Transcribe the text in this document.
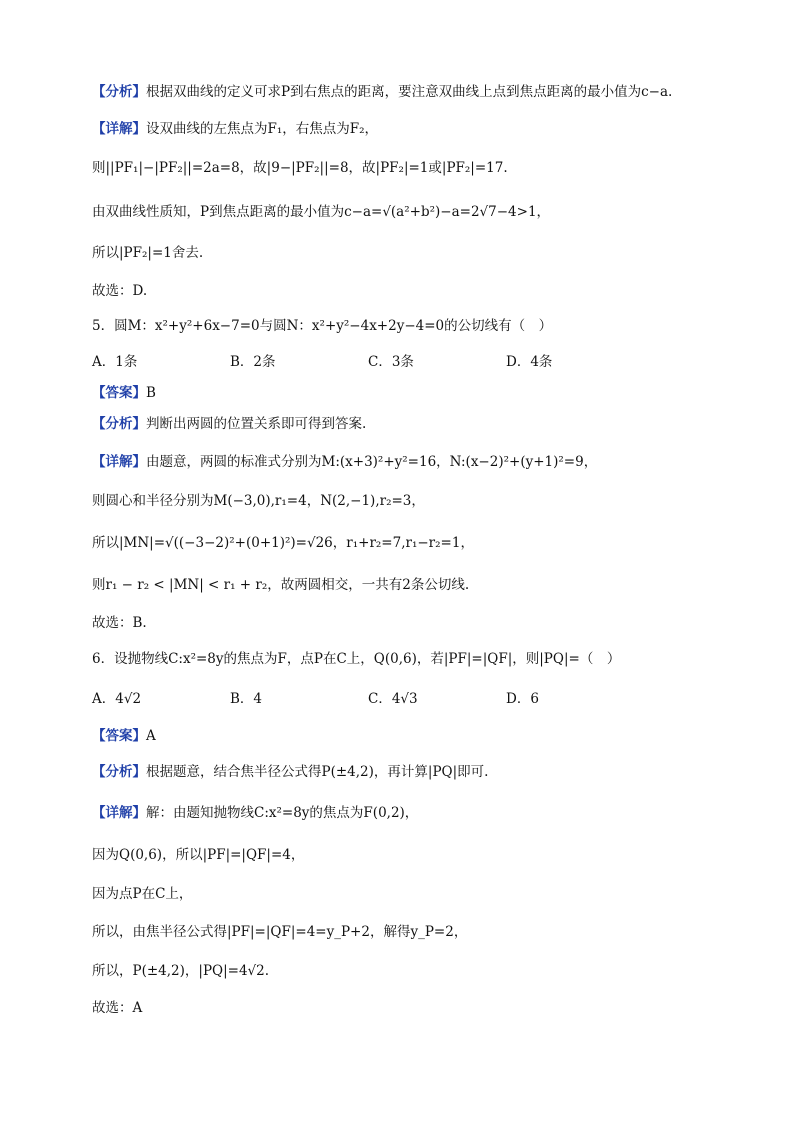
【分析】根据双曲线的定义可求P到右焦点的距离，要注意双曲线上点到焦点距离的最小值为c−a.
【详解】设双曲线的左焦点为F₁，右焦点为F₂，
则||PF₁|−|PF₂||=2a=8，故|9−|PF₂||=8，故|PF₂|=1或|PF₂|=17.
由双曲线性质知，P到焦点距离的最小值为c−a=√(a²+b²)−a=2√7−4>1，
所以|PF₂|=1舍去.
故选：D.
5．圆M：x²+y²+6x−7=0与圆N：x²+y²−4x+2y−4=0的公切线有（　）
A．1条	B．2条	C．3条	D．4条
【答案】B
【分析】判断出两圆的位置关系即可得到答案.
【详解】由题意，两圆的标准式分别为M:(x+3)²+y²=16，N:(x−2)²+(y+1)²=9，
则圆心和半径分别为M(−3,0),r₁=4，N(2,−1),r₂=3，
所以|MN|=√((−3−2)²+(0+1)²)=√26，r₁+r₂=7,r₁−r₂=1，
则r₁ − r₂ < |MN| < r₁ + r₂，故两圆相交，一共有2条公切线.
故选：B.
6．设抛物线C:x²=8y的焦点为F，点P在C上，Q(0,6)，若|PF|=|QF|，则|PQ|=（　）
A．4√2	B．4	C．4√3	D．6
【答案】A
【分析】根据题意，结合焦半径公式得P(±4,2)，再计算|PQ|即可.
【详解】解：由题知抛物线C:x²=8y的焦点为F(0,2)，
因为Q(0,6)，所以|PF|=|QF|=4，
因为点P在C上，
所以，由焦半径公式得|PF|=|QF|=4=y_P+2，解得y_P=2，
所以，P(±4,2)，|PQ|=4√2.
故选：A
